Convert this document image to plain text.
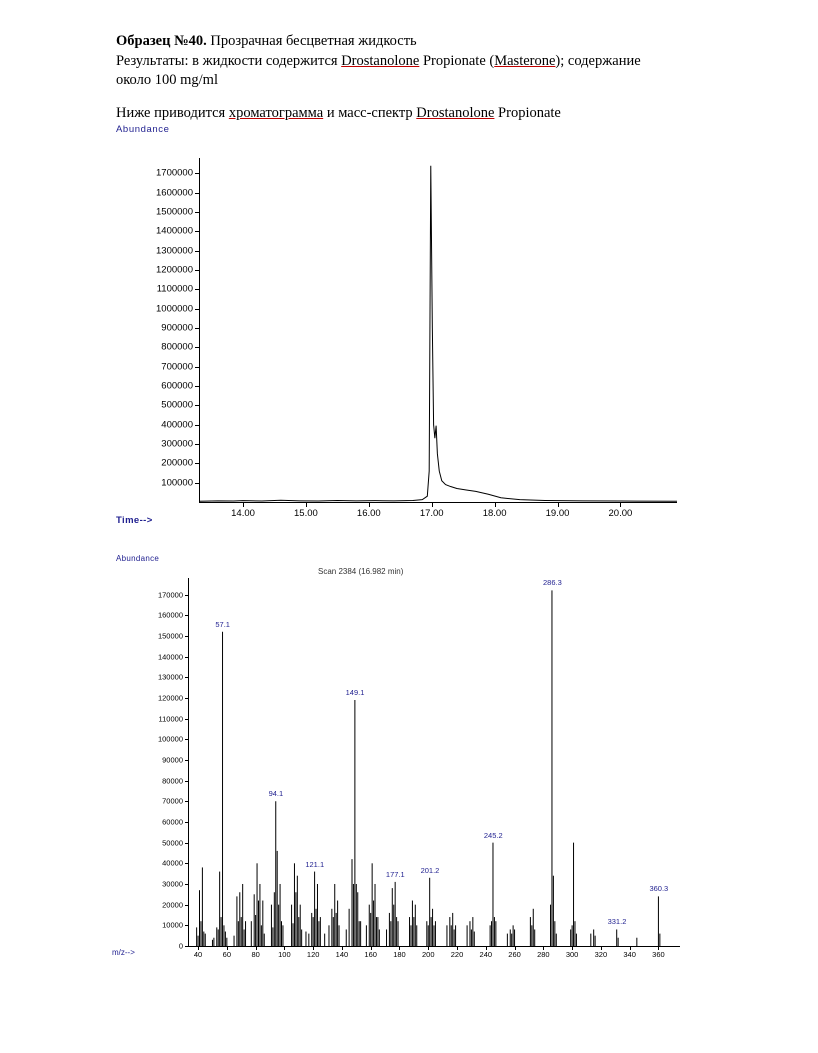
Образец №40. Прозрачная бесцветная жидкость
Результаты: в жидкости содержится Drostanolone Propionate (Masterone); содержание
около 100 mg/ml
Ниже приводится хроматограмма и масс-спектр Drostanolone Propionate
Abundance
Time-->
100000
200000
300000
400000
500000
600000
700000
800000
900000
1000000
1100000
1200000
1300000
1400000
1500000
1600000
1700000
14.00	15.00	16.00	17.00	18.00	19.00	20.00
Abundance
m/z-->
Scan 2384 (16.982 min)
0
10000
20000
30000
40000
50000
60000
70000
80000
90000
100000
110000
120000
130000
140000
150000
160000
170000
40	60	80 100 120 140 160 180 200 220 240 260 280 300 320 340 360
57.1
94.1
121.1
149.1
177.1 201.2
245.2
286.3
331.2
360.3
